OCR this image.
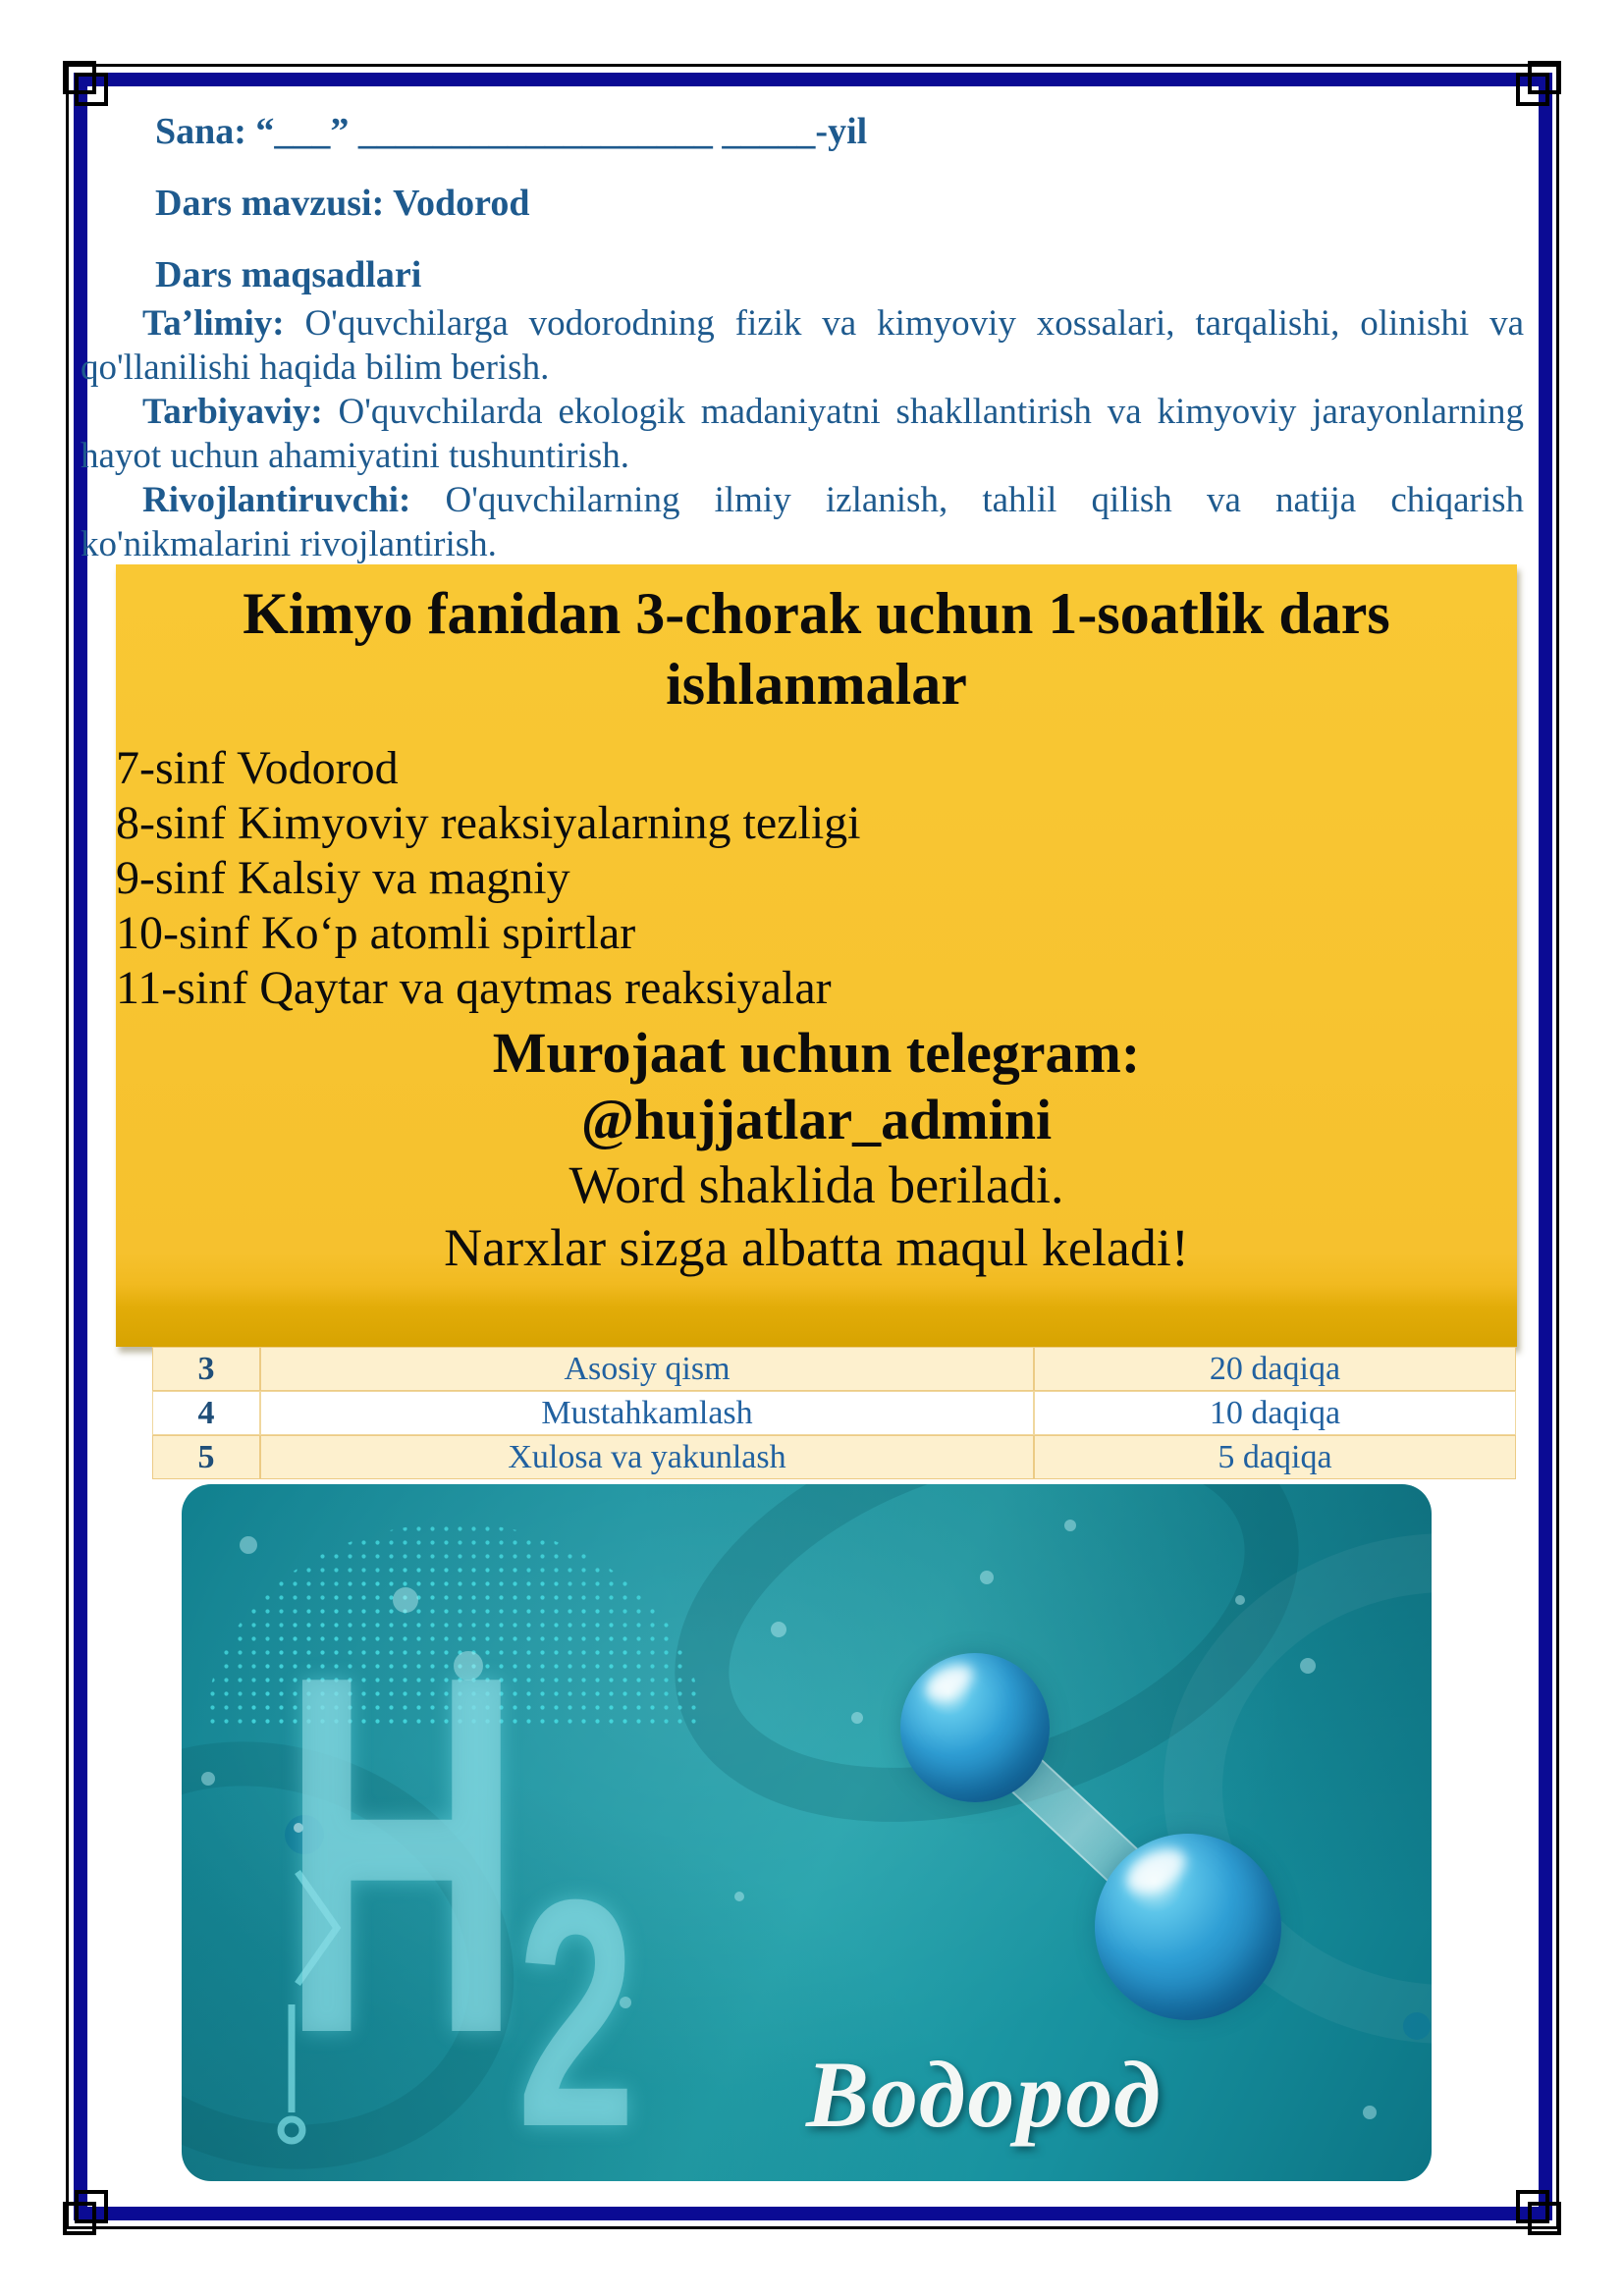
Sana: “___” ___________________ _____-yil
Dars mavzusi: Vodorod
Dars maqsadlari

Ta’limiy: O'quvchilarga vodorodning fizik va kimyoviy xossalari, tarqalishi, olinishi va qo'llanilishi haqida bilim berish.

Tarbiyaviy: O'quvchilarda ekologik madaniyatni shakllantirish va kimyoviy jarayonlarning hayot uchun ahamiyatini tushuntirish.

Rivojlantiruvchi: O'quvchilarning ilmiy izlanish, tahlil qilish va natija chiqarish ko'nikmalarini rivojlantirish.

Kimyo fanidan 3-chorak uchun 1-soatlik dars ishlanmalar
7-sinf Vodorod
8-sinf Kimyoviy reaksiyalarning tezligi
9-sinf Kalsiy va magniy
10-sinf Ko‘p atomli spirtlar
11-sinf Qaytar va qaytmas reaksiyalar
Murojaat uchun telegram:
@hujjatlar_admini
Word shaklida beriladi.
Narxlar sizga albatta maqul keladi!
3	Asosiy qism	20 daqiqa
4	Mustahkamlash	10 daqiqa
5	Xulosa va yakunlash	5 daqiqa
H2 Водород
